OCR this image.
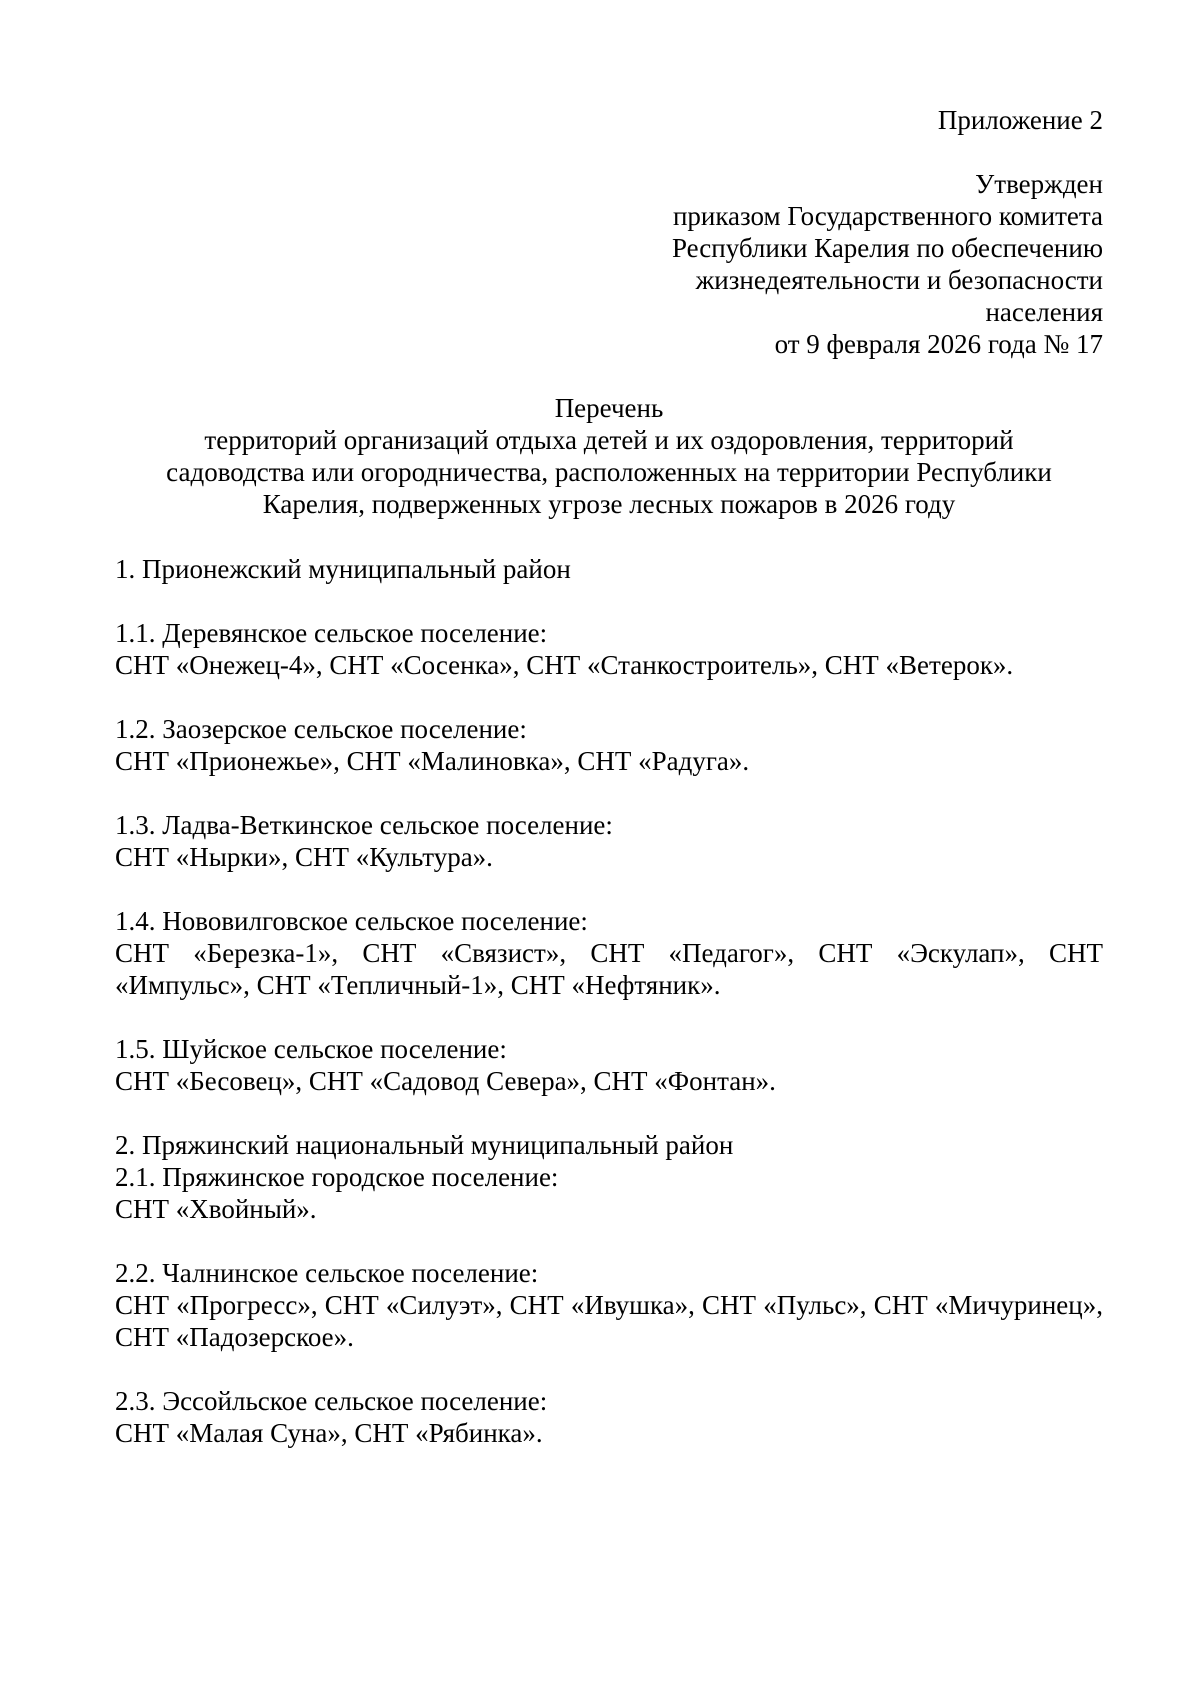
Приложение 2
Утвержден
приказом Государственного комитета
Республики Карелия по обеспечению
жизнедеятельности и безопасности
населения
от 9 февраля 2026 года № 17
Перечень
территорий организаций отдыха детей и их оздоровления, территорий
садоводства или огородничества, расположенных на территории Республики
Карелия, подверженных угрозе лесных пожаров в 2026 году
1. Прионежский муниципальный район
1.1. Деревянское сельское поселение:
СНТ «Онежец-4», СНТ «Сосенка», СНТ «Станкостроитель», СНТ «Ветерок».
1.2. Заозерское сельское поселение:
СНТ «Прионежье», СНТ «Малиновка», СНТ «Радуга».
1.3. Ладва-Веткинское сельское поселение:
СНТ «Нырки», СНТ «Культура».
1.4. Нововилговское сельское поселение:
СНТ «Березка-1», СНТ «Связист», СНТ «Педагог», СНТ «Эскулап», СНТ «Импульс», СНТ «Тепличный-1», СНТ «Нефтяник».
1.5. Шуйское сельское поселение:
СНТ «Бесовец», СНТ «Садовод Севера», СНТ «Фонтан».
2. Пряжинский национальный муниципальный район
2.1. Пряжинское городское поселение:
СНТ «Хвойный».
2.2. Чалнинское сельское поселение:
СНТ «Прогресс», СНТ «Силуэт», СНТ «Ивушка», СНТ «Пульс», СНТ «Мичуринец», СНТ «Падозерское».
2.3. Эссойльское сельское поселение:
СНТ «Малая Суна», СНТ «Рябинка».
